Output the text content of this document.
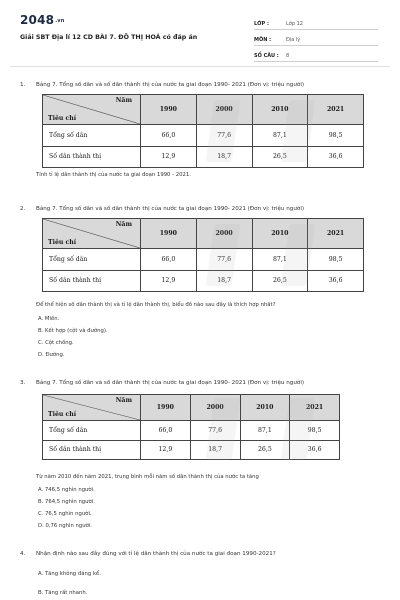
2048.vn
Giải SBT Địa lí 12 CD BÀI 7. ĐÔ THỊ HOÁ có đáp án
LỚP :	Lớp 12
MÔN :	Địa lý
SỐ CÂU :	8
1. Bảng 7. Tổng số dân và số dân thành thị của nước ta giai đoạn 1990- 2021 (Đơn vị: triệu người)
Năm
Tiêu chí	1990	2000	2010	2021
Tổng số dân	66,0	77,6	87,1	98,5
Số dân thành thị	12,9	18,7	26,5	36,6
Tính tỉ lệ dân thành thị của nước ta giai đoạn 1990 - 2021.
2. Bảng 7. Tổng số dân và số dân thành thị của nước ta giai đoạn 1990- 2021 (Đơn vị: triệu người)
Năm
Tiêu chí	1990	2000	2010	2021
Tổng số dân	66,0	77,6	87,1	98,5
Số dân thành thị	12,9	18,7	26,5	36,6
Để thể hiện số dân thành thị và tỉ lệ dân thành thị, biểu đồ nào sau đây là thích hợp nhất?
A. Miền.
B. Kết hợp (cột và đường).
C. Cột chồng.
D. Đường.
3. Bảng 7. Tổng số dân và số dân thành thị của nước ta giai đoạn 1990- 2021 (Đơn vị: triệu người)
Năm
Tiêu chí	1990	2000	2010	2021
Tổng số dân	66,0	77,6	87,1	98,5
Số dân thành thị	12,9	18,7	26,5	36,6
Từ năm 2010 đến năm 2021, trung bình mỗi năm số dân thành thị của nước ta tăng
A. 746,5 nghìn người.
B. 764,5 nghìn người.
C. 76,5 nghìn người.
D. 0,76 nghìn người.
4. Nhận định nào sau đây đúng với tỉ lệ dân thành thị của nước ta giai đoạn 1990-2021?
A. Tăng không đáng kể.
B. Tăng rất nhanh.
